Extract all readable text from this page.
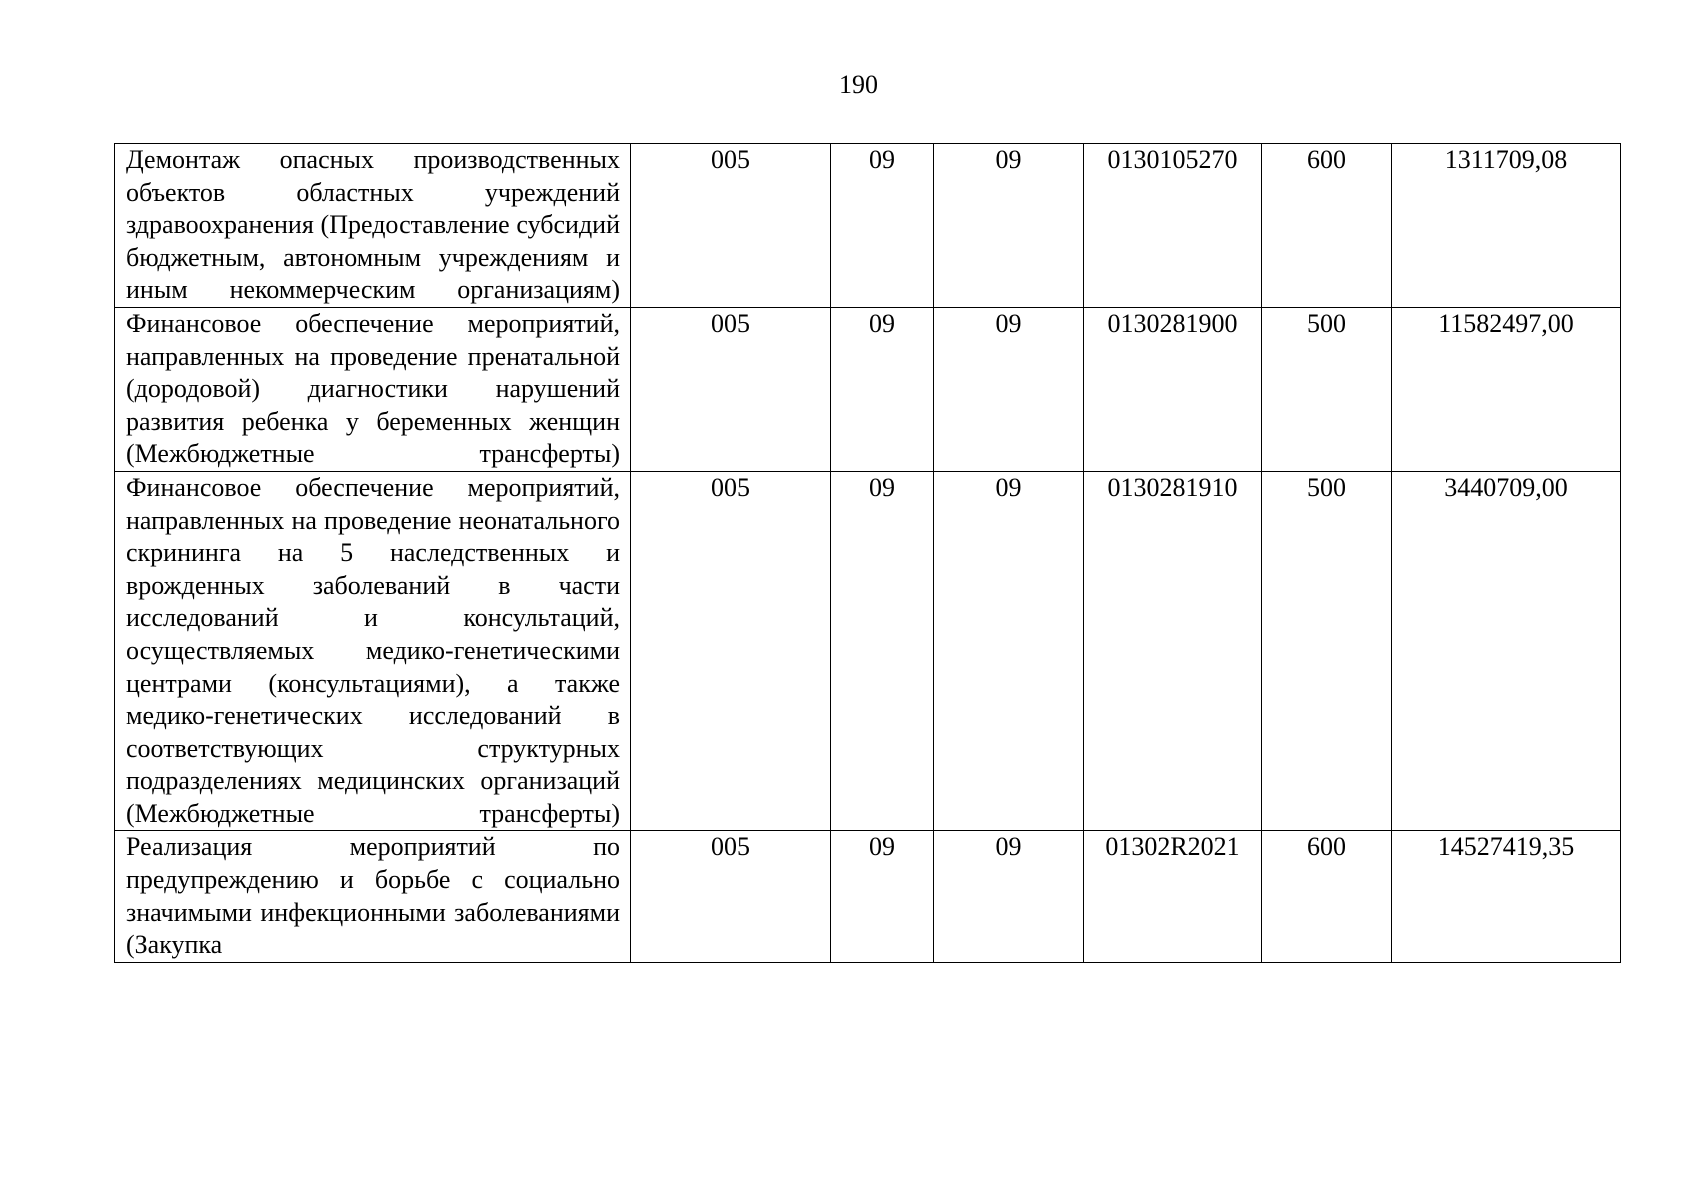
190
Демонтаж опасных производственных объектов областных учреждений здравоохранения (Предоставление субсидий бюджетным, автономным учреждениям и иным некоммерческим организациям)	005	09	09	0130105270	600	1311709,08

Финансовое обеспечение мероприятий, направленных на проведение пренатальной (дородовой) диагностики нарушений развития ребенка у беременных женщин (Межбюджетные трансферты)	005	09	09	0130281900	500	11582497,00

Финансовое обеспечение мероприятий, направленных на проведение неонатального скрининга на 5 наследственных и врожденных заболеваний в части исследований и консультаций, осуществляемых медико-генетическими центрами (консультациями), а также медико-генетических исследований в соответствующих структурных подразделениях медицинских организаций (Межбюджетные трансферты)	005	09	09	0130281910	500	3440709,00

Реализация мероприятий по предупреждению и борьбе с социально значимыми инфекционными заболеваниями (Закупка	005	09	09	01302R2021	600	14527419,35
